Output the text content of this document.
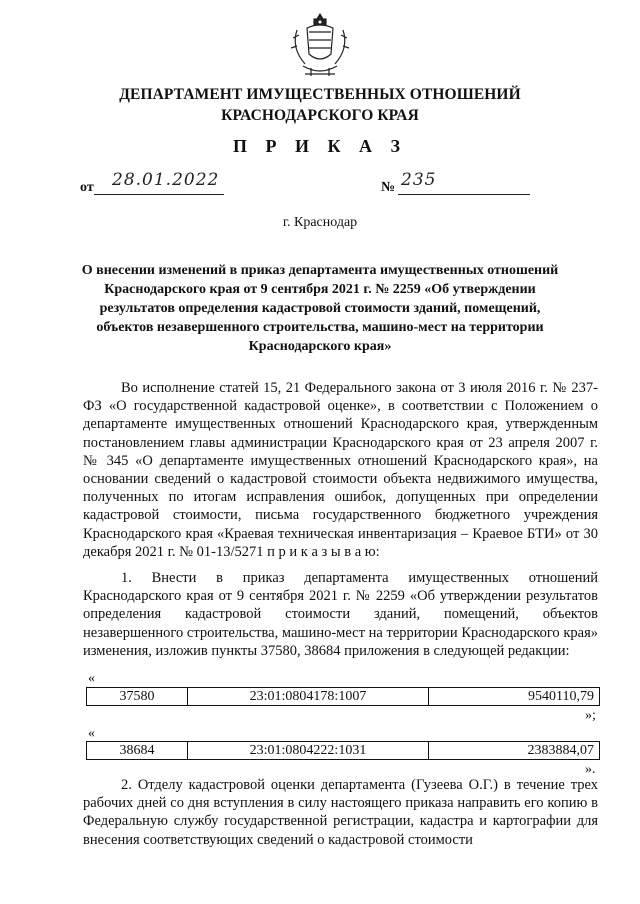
ДЕПАРТАМЕНТ ИМУЩЕСТВЕННЫХ ОТНОШЕНИЙ
КРАСНОДАРСКОГО КРАЯ
П Р И К А З
от 28.01.2022	№ 235
г. Краснодар
О внесении изменений в приказ департамента имущественных отношений Краснодарского края от 9 сентября 2021 г. № 2259 «Об утверждении результатов определения кадастровой стоимости зданий, помещений, объектов незавершенного строительства, машино-мест на территории Краснодарского края»
Во исполнение статей 15, 21 Федерального закона от 3 июля 2016 г. № 237-ФЗ «О государственной кадастровой оценке», в соответствии с Положением о департаменте имущественных отношений Краснодарского края, утвержденным постановлением главы администрации Краснодарского края от 23 апреля 2007 г. № 345 «О департаменте имущественных отношений Краснодарского края», на основании сведений о кадастровой стоимости объекта недвижимого имущества, полученных по итогам исправления ошибок, допущенных при определении кадастровой стоимости, письма государственного бюджетного учреждения Краснодарского края «Краевая техническая инвентаризация – Краевое БТИ» от 30 декабря 2021 г. № 01-13/5271 п р и к а з ы в а ю:
1. Внести в приказ департамента имущественных отношений Краснодарского края от 9 сентября 2021 г. № 2259 «Об утверждении результатов определения кадастровой стоимости зданий, помещений, объектов незавершенного строительства, машино-мест на территории Краснодарского края» изменения, изложив пункты 37580, 38684 приложения в следующей редакции:
«
37580	23:01:0804178:1007	9540110,79
»;
«
38684	23:01:0804222:1031	2383884,07
».
2. Отделу кадастровой оценки департамента (Гузеева О.Г.) в течение трех рабочих дней со дня вступления в силу настоящего приказа направить его копию в Федеральную службу государственной регистрации, кадастра и картографии для внесения соответствующих сведений о кадастровой стоимости
